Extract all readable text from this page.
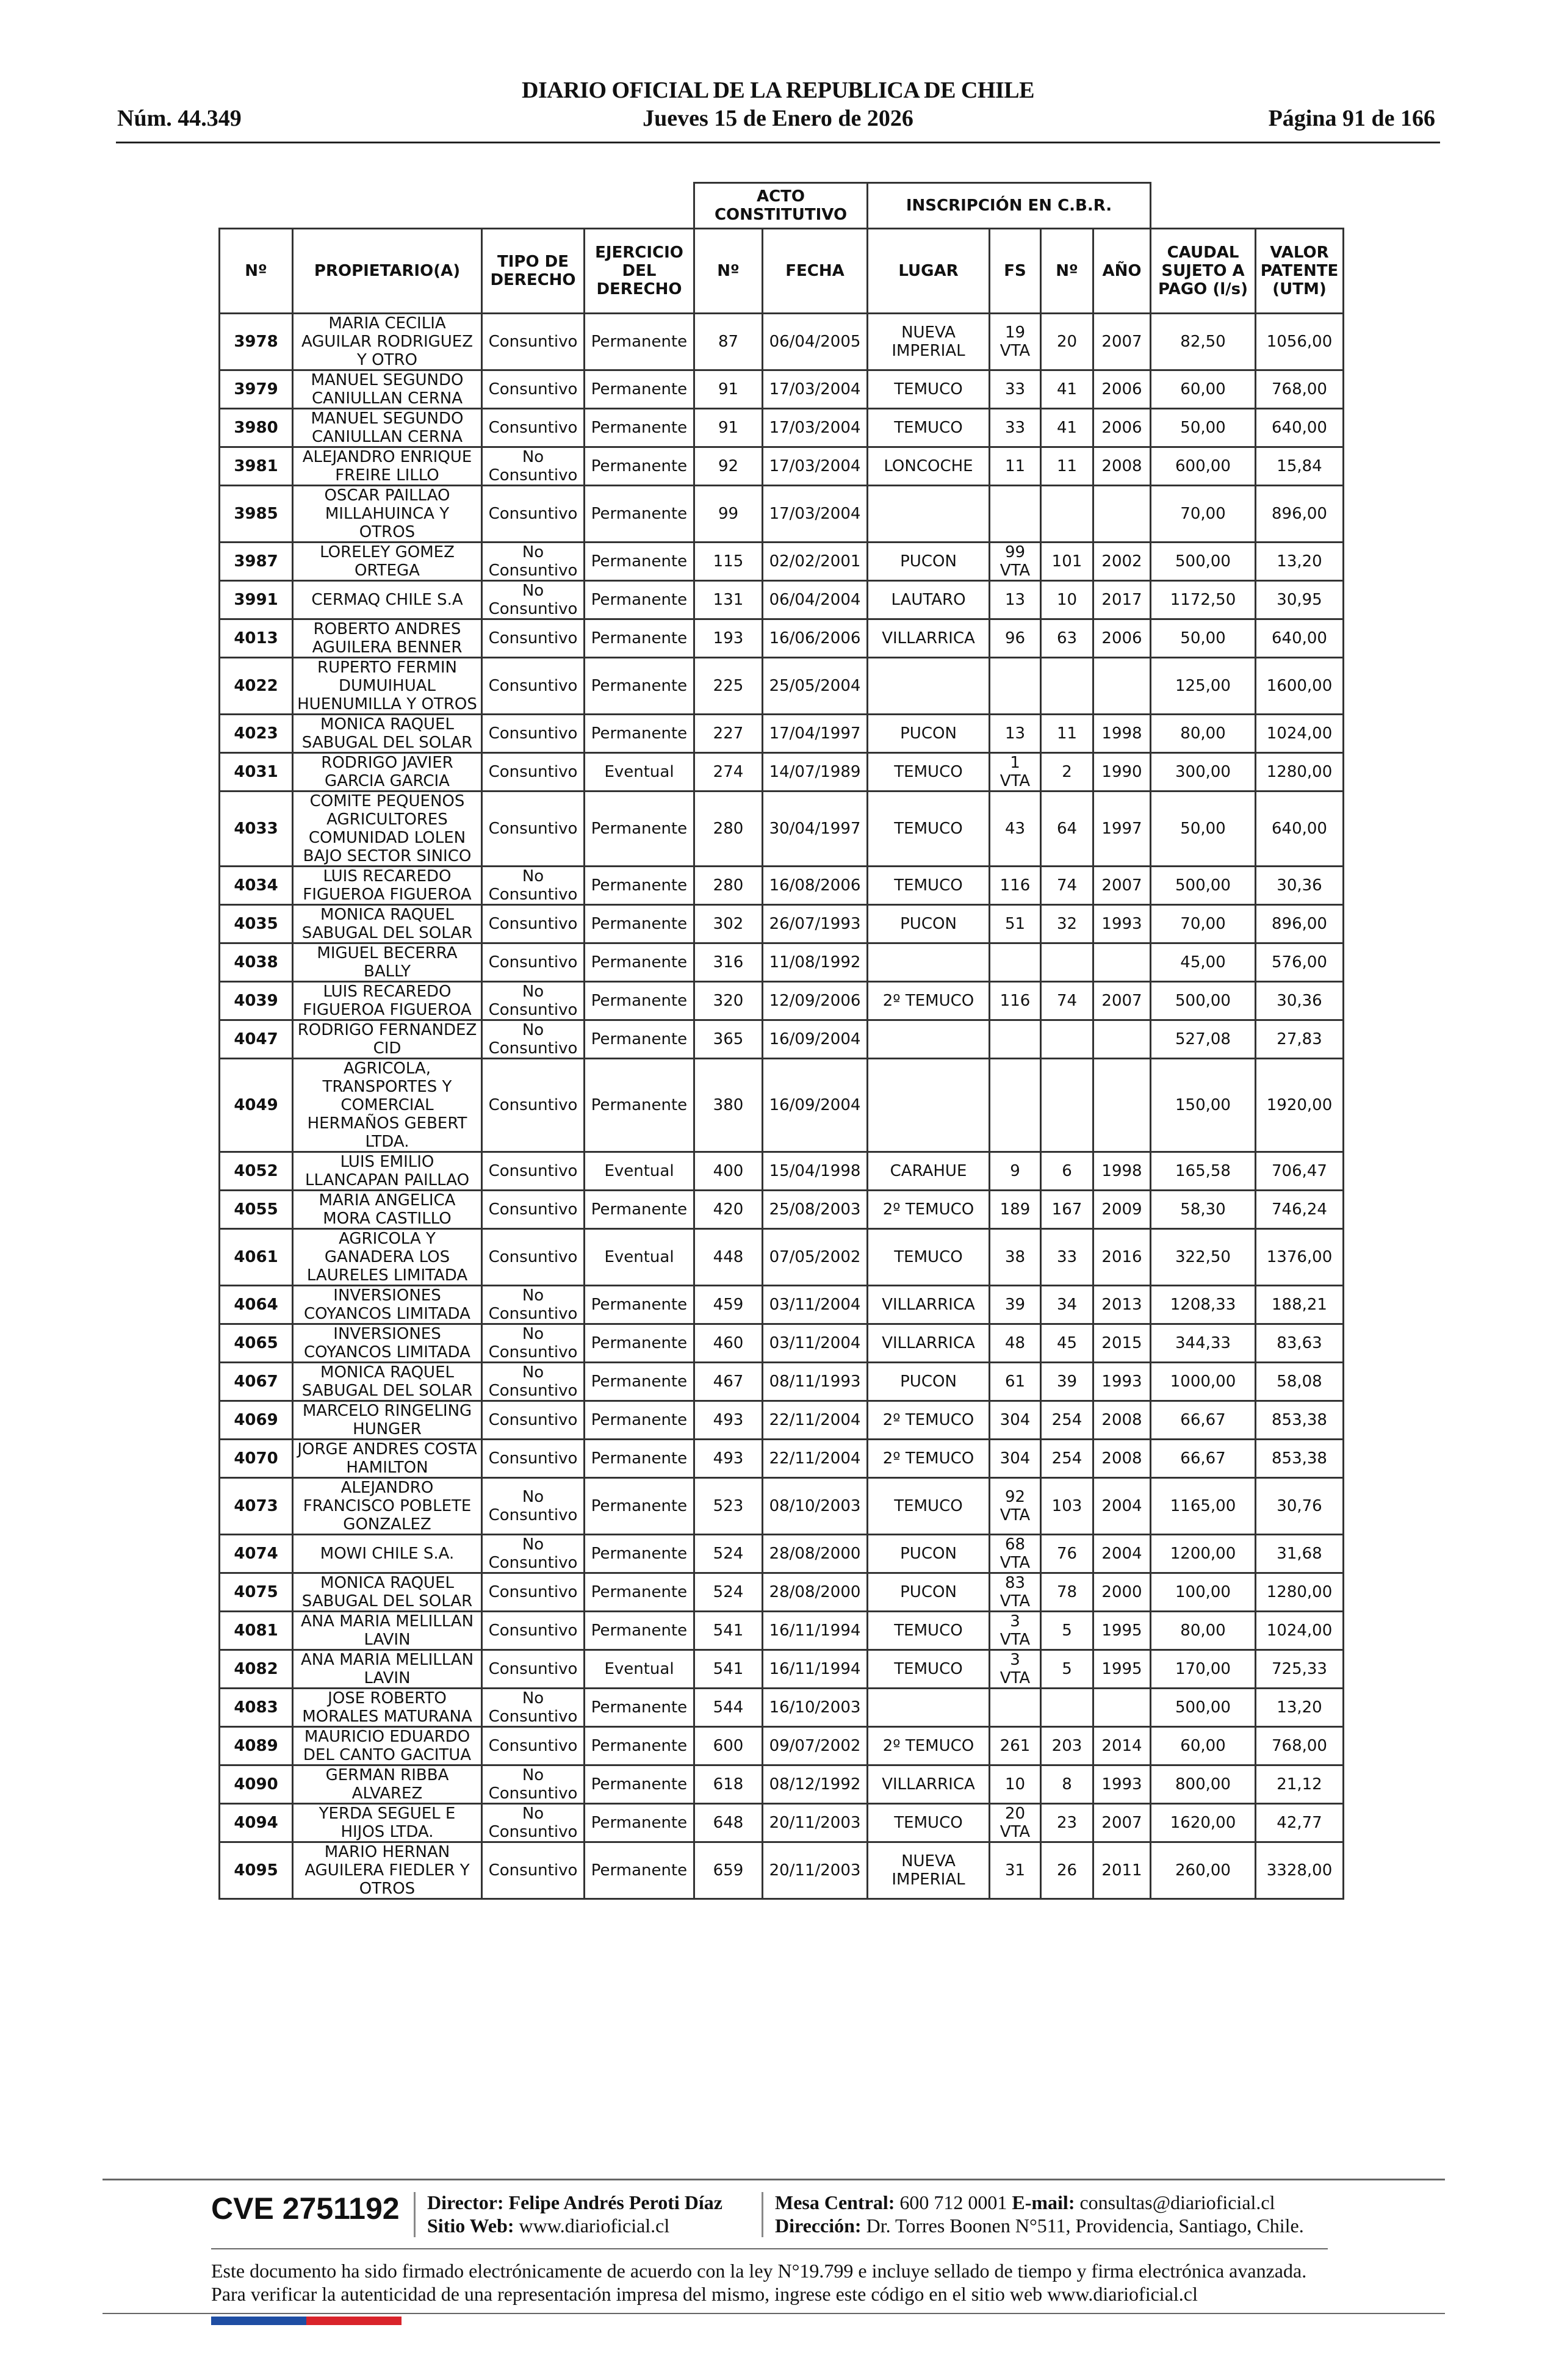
DIARIO OFICIAL DE LA REPUBLICA DE CHILE
Núm. 44.349	Jueves 15 de Enero de 2026	Página 91 de 166
				ACTO CONSTITUTIVO		INSCRIPCIÓN EN C.B.R.					
Nº	PROPIETARIO(A)	TIPO DE DERECHO	EJERCICIO DEL DERECHO	Nº	FECHA	LUGAR	FS	Nº	AÑO	CAUDAL SUJETO A PAGO (l/s)	VALOR PATENTE (UTM)
3978	MARIA CECILIA AGUILAR RODRIGUEZ Y OTRO	Consuntivo	Permanente	87	06/04/2005	NUEVA IMPERIAL	19 VTA	20	2007	82,50	1056,00
3979	MANUEL SEGUNDO CANIULLAN CERNA	Consuntivo	Permanente	91	17/03/2004	TEMUCO	33	41	2006	60,00	768,00
3980	MANUEL SEGUNDO CANIULLAN CERNA	Consuntivo	Permanente	91	17/03/2004	TEMUCO	33	41	2006	50,00	640,00
3981	ALEJANDRO ENRIQUE FREIRE LILLO	No Consuntivo	Permanente	92	17/03/2004	LONCOCHE	11	11	2008	600,00	15,84
3985	OSCAR PAILLAO MILLAHUINCA Y OTROS	Consuntivo	Permanente	99	17/03/2004					70,00	896,00
3987	LORELEY GOMEZ ORTEGA	No Consuntivo	Permanente	115	02/02/2001	PUCON	99 VTA	101	2002	500,00	13,20
3991	CERMAQ CHILE S.A	No Consuntivo	Permanente	131	06/04/2004	LAUTARO	13	10	2017	1172,50	30,95
4013	ROBERTO ANDRES AGUILERA BENNER	Consuntivo	Permanente	193	16/06/2006	VILLARRICA	96	63	2006	50,00	640,00
4022	RUPERTO FERMIN DUMUIHUAL HUENUMILLA Y OTROS	Consuntivo	Permanente	225	25/05/2004					125,00	1600,00
4023	MONICA RAQUEL SABUGAL DEL SOLAR	Consuntivo	Permanente	227	17/04/1997	PUCON	13	11	1998	80,00	1024,00
4031	RODRIGO JAVIER GARCIA GARCIA	Consuntivo	Eventual	274	14/07/1989	TEMUCO	1 VTA	2	1990	300,00	1280,00
4033	COMITE PEQUENOS AGRICULTORES COMUNIDAD LOLEN BAJO SECTOR SINICO	Consuntivo	Permanente	280	30/04/1997	TEMUCO	43	64	1997	50,00	640,00
4034	LUIS RECAREDO FIGUEROA FIGUEROA	No Consuntivo	Permanente	280	16/08/2006	TEMUCO	116	74	2007	500,00	30,36
4035	MONICA RAQUEL SABUGAL DEL SOLAR	Consuntivo	Permanente	302	26/07/1993	PUCON	51	32	1993	70,00	896,00
4038	MIGUEL BECERRA BALLY	Consuntivo	Permanente	316	11/08/1992					45,00	576,00
4039	LUIS RECAREDO FIGUEROA FIGUEROA	No Consuntivo	Permanente	320	12/09/2006	2º TEMUCO	116	74	2007	500,00	30,36
4047	RODRIGO FERNANDEZ CID	No Consuntivo	Permanente	365	16/09/2004					527,08	27,83
4049	AGRICOLA, TRANSPORTES Y COMERCIAL HERMAÑOS GEBERT LTDA.	Consuntivo	Permanente	380	16/09/2004					150,00	1920,00
4052	LUIS EMILIO LLANCAPAN PAILLAO	Consuntivo	Eventual	400	15/04/1998	CARAHUE	9	6	1998	165,58	706,47
4055	MARIA ANGELICA MORA CASTILLO	Consuntivo	Permanente	420	25/08/2003	2º TEMUCO	189	167	2009	58,30	746,24
4061	AGRICOLA Y GANADERA LOS LAURELES LIMITADA	Consuntivo	Eventual	448	07/05/2002	TEMUCO	38	33	2016	322,50	1376,00
4064	INVERSIONES COYANCOS LIMITADA	No Consuntivo	Permanente	459	03/11/2004	VILLARRICA	39	34	2013	1208,33	188,21
4065	INVERSIONES COYANCOS LIMITADA	No Consuntivo	Permanente	460	03/11/2004	VILLARRICA	48	45	2015	344,33	83,63
4067	MONICA RAQUEL SABUGAL DEL SOLAR	No Consuntivo	Permanente	467	08/11/1993	PUCON	61	39	1993	1000,00	58,08
4069	MARCELO RINGELING HUNGER	Consuntivo	Permanente	493	22/11/2004	2º TEMUCO	304	254	2008	66,67	853,38
4070	JORGE ANDRES COSTA HAMILTON	Consuntivo	Permanente	493	22/11/2004	2º TEMUCO	304	254	2008	66,67	853,38
4073	ALEJANDRO FRANCISCO POBLETE GONZALEZ	No Consuntivo	Permanente	523	08/10/2003	TEMUCO	92 VTA	103	2004	1165,00	30,76
4074	MOWI CHILE S.A.	No Consuntivo	Permanente	524	28/08/2000	PUCON	68 VTA	76	2004	1200,00	31,68
4075	MONICA RAQUEL SABUGAL DEL SOLAR	Consuntivo	Permanente	524	28/08/2000	PUCON	83 VTA	78	2000	100,00	1280,00
4081	ANA MARIA MELILLAN LAVIN	Consuntivo	Permanente	541	16/11/1994	TEMUCO	3 VTA	5	1995	80,00	1024,00
4082	ANA MARIA MELILLAN LAVIN	Consuntivo	Eventual	541	16/11/1994	TEMUCO	3 VTA	5	1995	170,00	725,33
4083	JOSE ROBERTO MORALES MATURANA	No Consuntivo	Permanente	544	16/10/2003					500,00	13,20
4089	MAURICIO EDUARDO DEL CANTO GACITUA	Consuntivo	Permanente	600	09/07/2002	2º TEMUCO	261	203	2014	60,00	768,00
4090	GERMAN RIBBA ALVAREZ	No Consuntivo	Permanente	618	08/12/1992	VILLARRICA	10	8	1993	800,00	21,12
4094	YERDA SEGUEL E HIJOS LTDA.	No Consuntivo	Permanente	648	20/11/2003	TEMUCO	20 VTA	23	2007	1620,00	42,77
4095	MARIO HERNAN AGUILERA FIEDLER Y OTROS	Consuntivo	Permanente	659	20/11/2003	NUEVA IMPERIAL	31	26	2011	260,00	3328,00
CVE 2751192 Director: Felipe Andrés Peroti Díaz
Sitio Web: www.diarioficial.cl
Mesa Central: 600 712 0001 E-mail: consultas@diarioficial.cl
Dirección: Dr. Torres Boonen N°511, Providencia, Santiago, Chile.
Este documento ha sido firmado electrónicamente de acuerdo con la ley N°19.799 e incluye sellado de tiempo y firma electrónica avanzada. Para verificar la autenticidad de una representación impresa del mismo, ingrese este código en el sitio web www.diarioficial.cl
